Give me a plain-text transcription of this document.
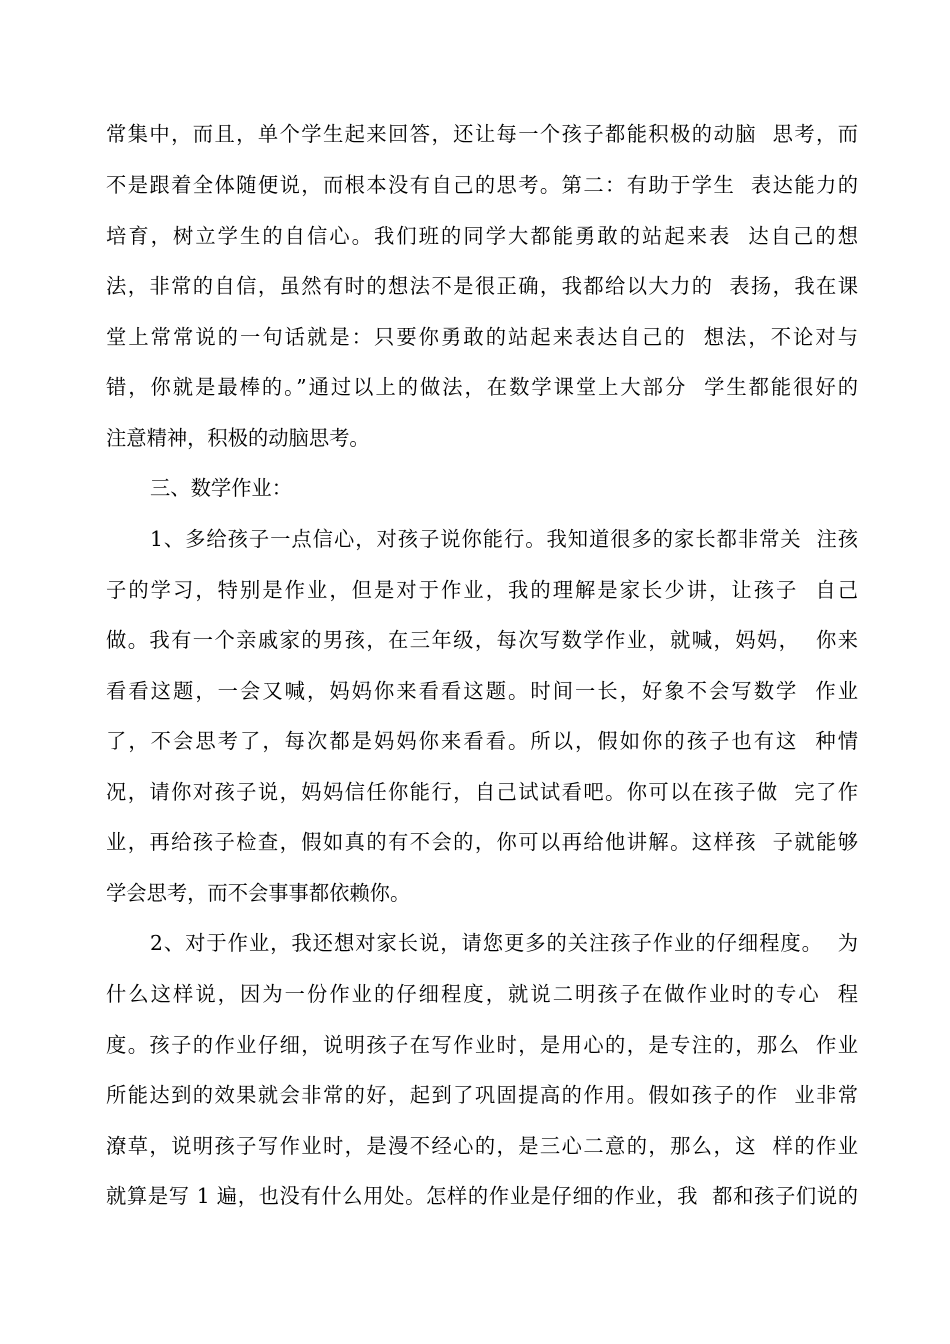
常集中，而且，单个学生起来回答，还让每一个孩子都能积极的动脑  思考，而
不是跟着全体随便说，而根本没有自己的思考。第二：有助于学生  表达能力的
培育，树立学生的自信心。我们班的同学大都能勇敢的站起来表  达自己的想
法，非常的自信，虽然有时的想法不是很正确，我都给以大力的  表扬，我在课
堂上常常说的一句话就是：只要你勇敢的站起来表达自己的  想法，不论对与
错，你就是最棒的。”通过以上的做法，在数学课堂上大部分  学生都能很好的
注意精神，积极的动脑思考。
三、数学作业：
1、多给孩子一点信心，对孩子说你能行。我知道很多的家长都非常关  注孩
子的学习，特别是作业，但是对于作业，我的理解是家长少讲，让孩子  自己
做。我有一个亲戚家的男孩，在三年级，每次写数学作业，就喊，妈妈，  你来
看看这题，一会又喊，妈妈你来看看这题。时间一长，好象不会写数学  作业
了，不会思考了，每次都是妈妈你来看看。所以，假如你的孩子也有这  种情
况，请你对孩子说，妈妈信任你能行，自己试试看吧。你可以在孩子做  完了作
业，再给孩子检查，假如真的有不会的，你可以再给他讲解。这样孩  子就能够
学会思考，而不会事事都依赖你。
2、对于作业，我还想对家长说，请您更多的关注孩子作业的仔细程度。  为
什么这样说，因为一份作业的仔细程度，就说二明孩子在做作业时的专心  程
度。孩子的作业仔细，说明孩子在写作业时，是用心的，是专注的，那么  作业
所能达到的效果就会非常的好，起到了巩固提高的作用。假如孩子的作  业非常
潦草，说明孩子写作业时，是漫不经心的，是三心二意的，那么，这  样的作业
就算是写 1 遍，也没有什么用处。怎样的作业是仔细的作业，我  都和孩子们说的
